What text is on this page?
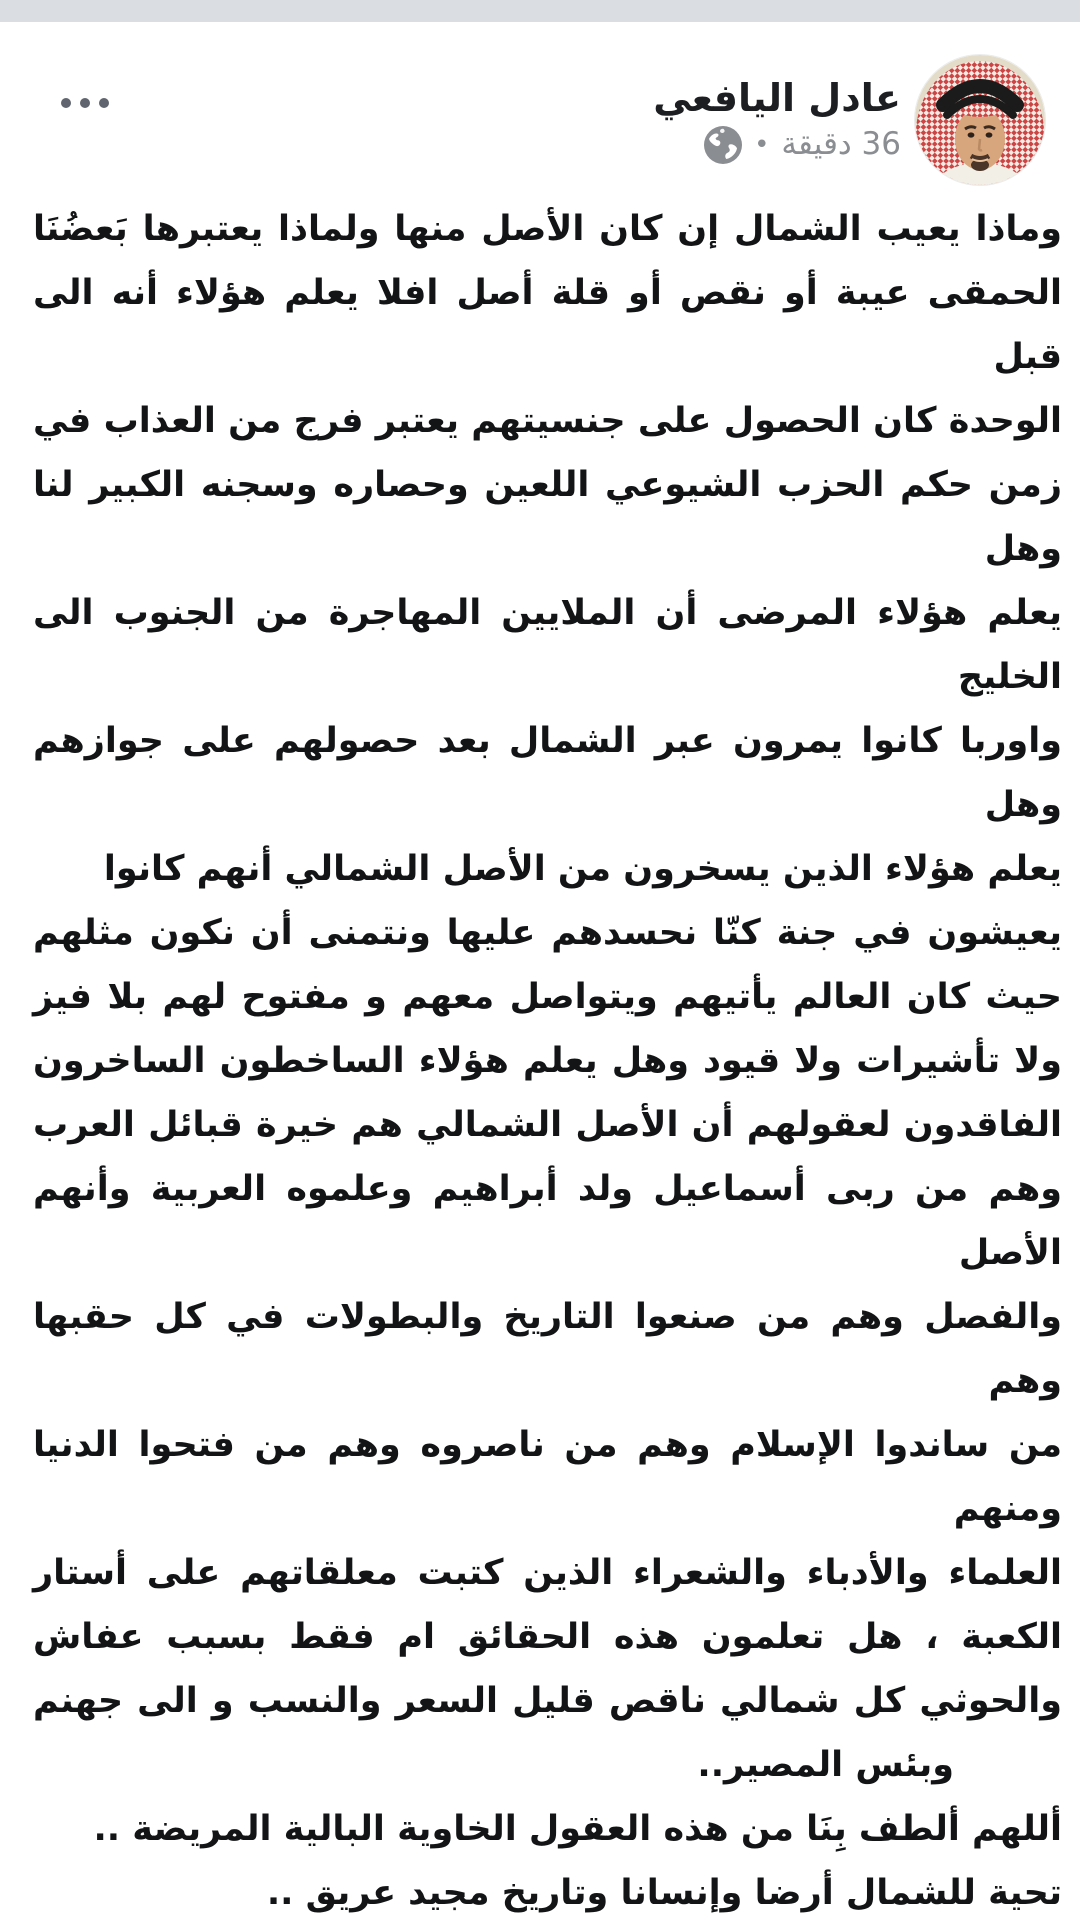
عادل اليافعي
36 دقيقة
•
وماذا يعيب الشمال إن كان الأصل منها ولماذا يعتبرها بَعضُنَا
الحمقى عيبة أو نقص أو قلة أصل افلا يعلم هؤلاء أنه الى قبل
الوحدة كان الحصول على جنسيتهم يعتبر فرج من العذاب في
زمن حكم الحزب الشيوعي اللعين وحصاره وسجنه الكبير لنا وهل
يعلم هؤلاء المرضى أن الملايين المهاجرة من الجنوب الى الخليج
واوربا كانوا يمرون عبر الشمال بعد حصولهم على جوازهم وهل
يعلم هؤلاء الذين يسخرون من الأصل الشمالي أنهم كانوا
يعيشون في جنة كنّا نحسدهم عليها ونتمنى أن نكون مثلهم
حيث كان العالم يأتيهم ويتواصل معهم و مفتوح لهم بلا فيز
ولا تأشيرات ولا قيود وهل يعلم هؤلاء الساخطون الساخرون
الفاقدون لعقولهم أن الأصل الشمالي هم خيرة قبائل العرب
وهم من ربى أسماعيل ولد أبراهيم وعلموه العربية وأنهم الأصل
والفصل وهم من صنعوا التاريخ والبطولات في كل حقبها وهم
من ساندوا الإسلام وهم من ناصروه وهم من فتحوا الدنيا ومنهم
العلماء والأدباء والشعراء الذين كتبت معلقاتهم على أستار
الكعبة ، هل تعلمون هذه الحقائق ام فقط بسبب عفاش
والحوثي كل شمالي ناقص قليل السعر والنسب و الى جهنم
وبئس المصير..
أللهم ألطف بِنَا من هذه العقول الخاوية البالية المريضة ..
تحية للشمال أرضا وإنسانا وتاريخ مجيد عريق ..
